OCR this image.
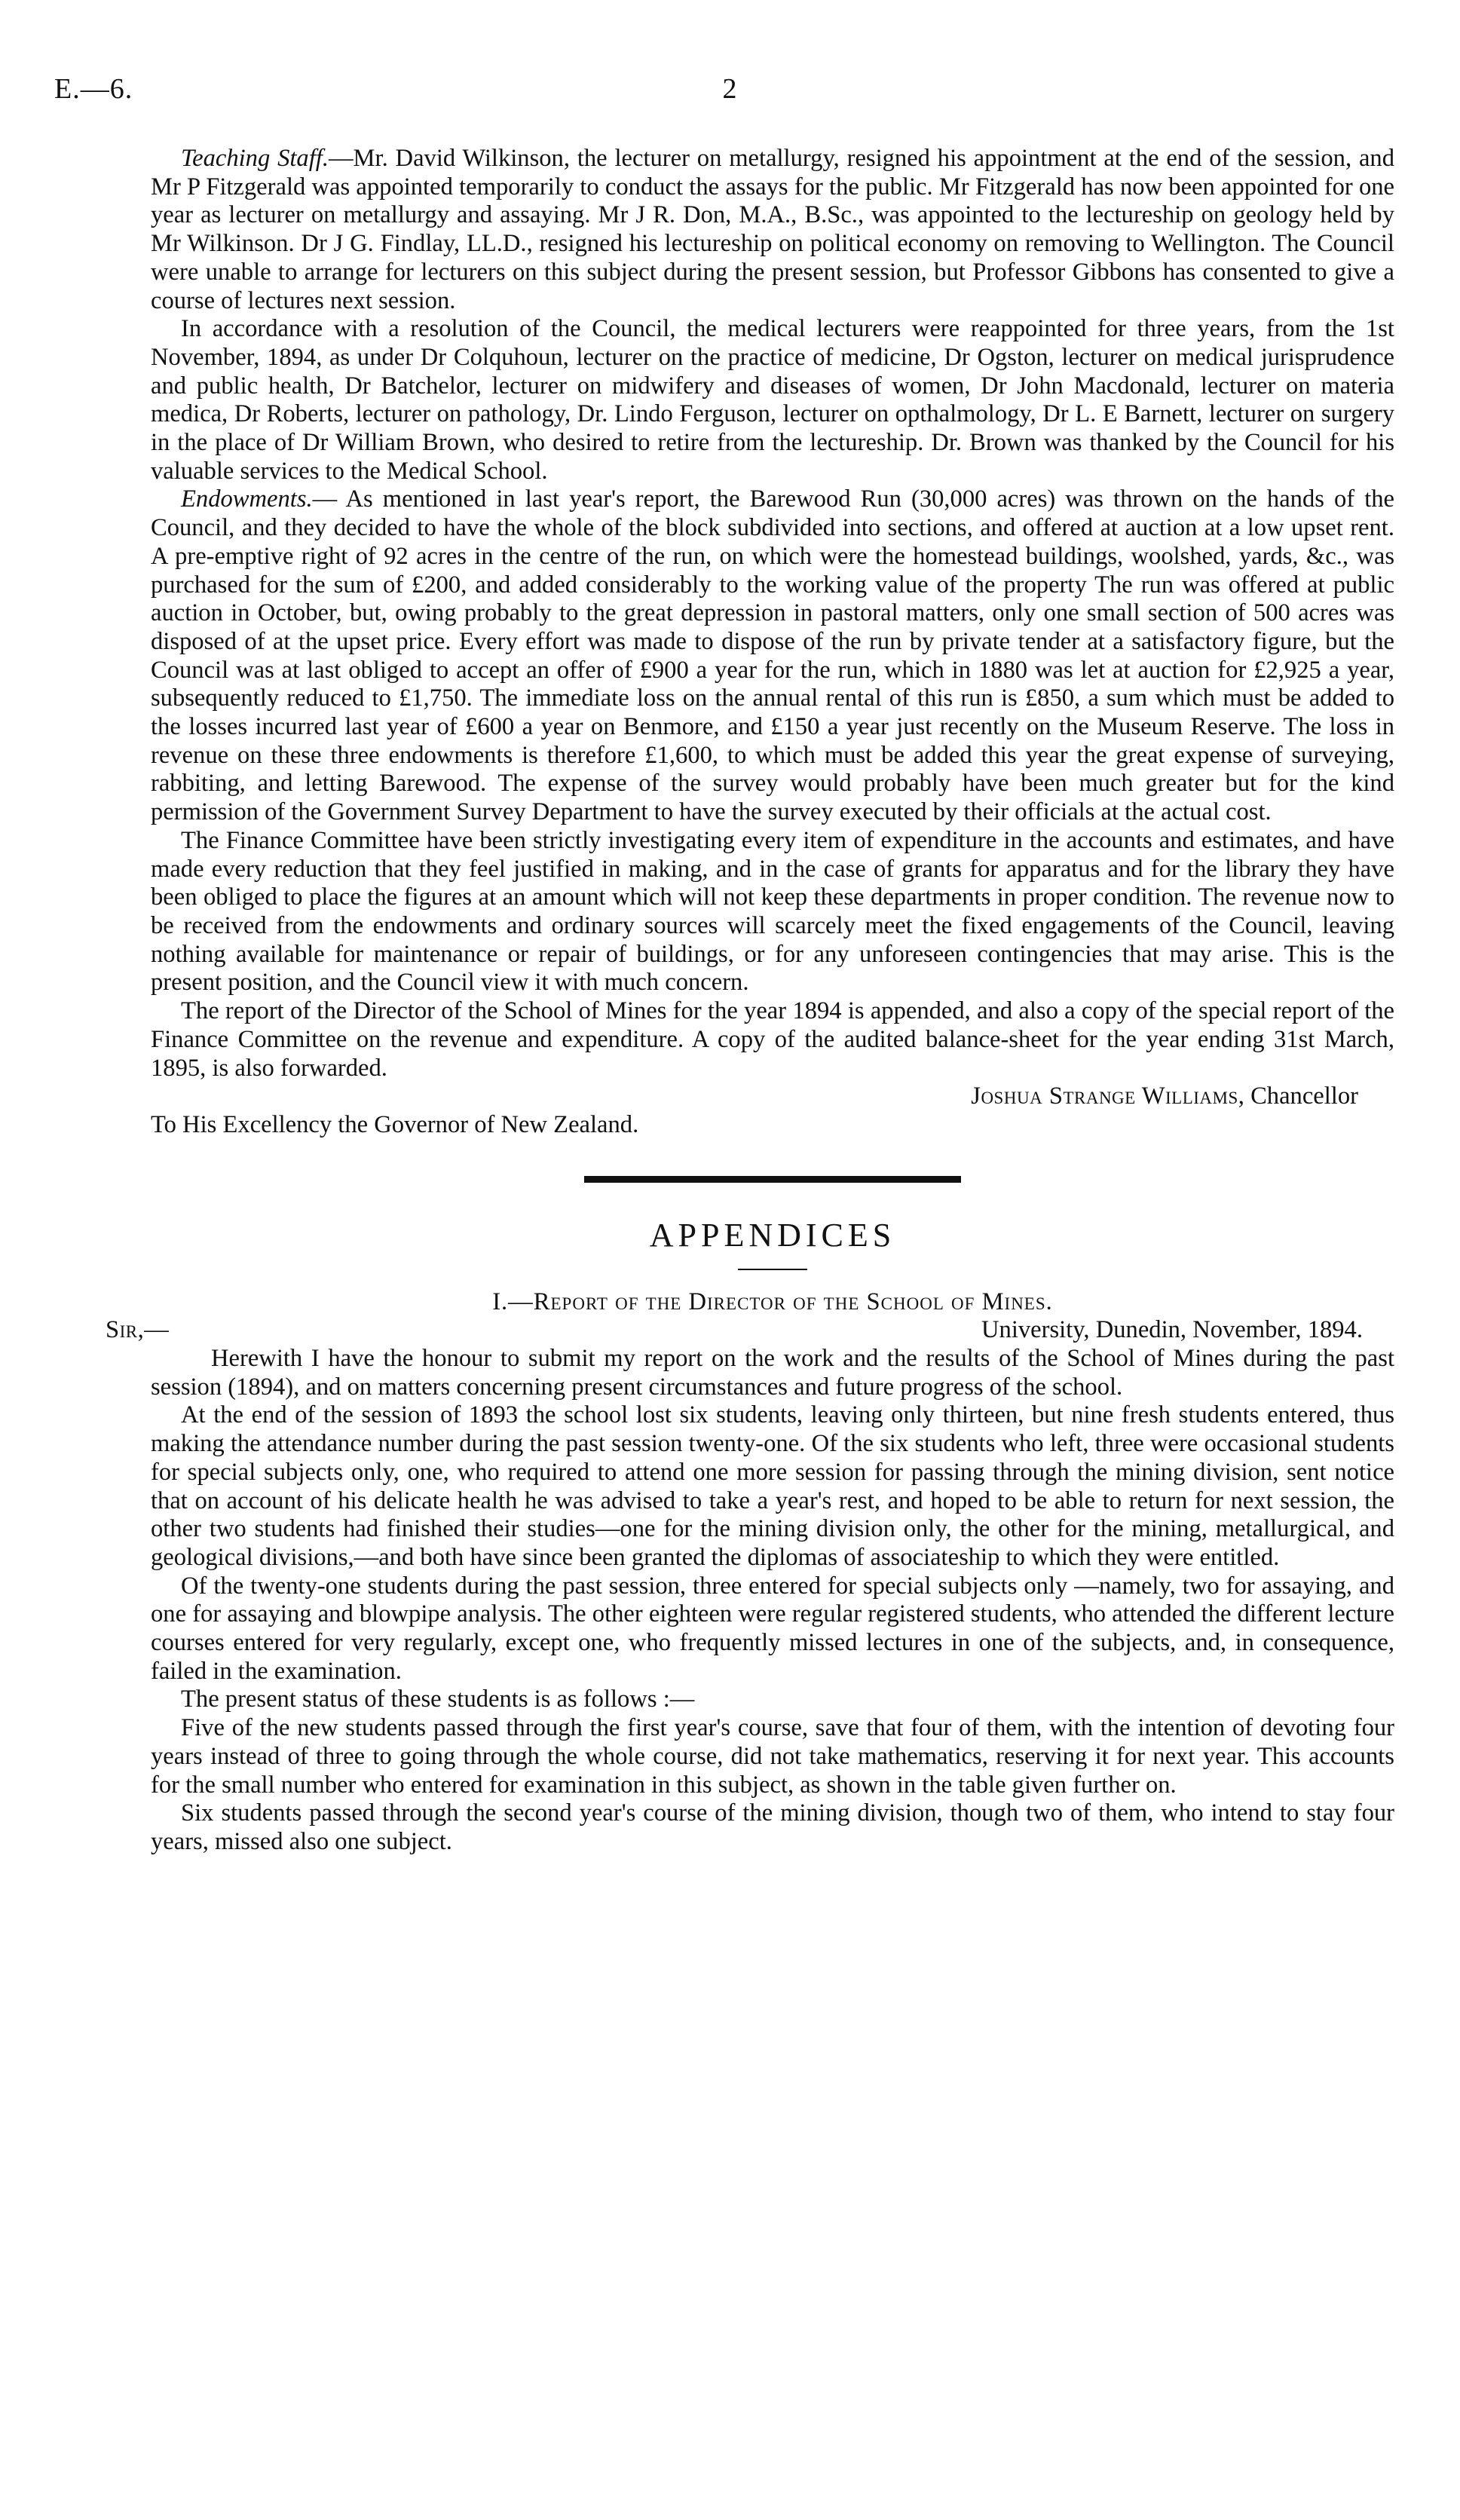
E.—6.	2

Teaching Staff.—Mr. David Wilkinson, the lecturer on metallurgy, resigned his appointment at the end of the session, and Mr P Fitzgerald was appointed temporarily to conduct the assays for the public. Mr Fitzgerald has now been appointed for one year as lecturer on metallurgy and assaying. Mr J R. Don, M.A., B.Sc., was appointed to the lectureship on geology held by Mr Wilkinson. Dr J G. Findlay, LL.D., resigned his lectureship on political economy on removing to Wellington. The Council were unable to arrange for lecturers on this subject during the present session, but Professor Gibbons has consented to give a course of lectures next session.

In accordance with a resolution of the Council, the medical lecturers were reappointed for three years, from the 1st November, 1894, as under Dr Colquhoun, lecturer on the practice of medicine, Dr Ogston, lecturer on medical jurisprudence and public health, Dr Batchelor, lecturer on midwifery and diseases of women, Dr John Macdonald, lecturer on materia medica, Dr Roberts, lecturer on pathology, Dr. Lindo Ferguson, lecturer on opthalmology, Dr L. E Barnett, lecturer on surgery in the place of Dr William Brown, who desired to retire from the lectureship. Dr. Brown was thanked by the Council for his valuable services to the Medical School.

Endowments.— As mentioned in last year's report, the Barewood Run (30,000 acres) was thrown on the hands of the Council, and they decided to have the whole of the block subdivided into sections, and offered at auction at a low upset rent. A pre-emptive right of 92 acres in the centre of the run, on which were the homestead buildings, woolshed, yards, &c., was purchased for the sum of £200, and added considerably to the working value of the property The run was offered at public auction in October, but, owing probably to the great depression in pastoral matters, only one small section of 500 acres was disposed of at the upset price. Every effort was made to dispose of the run by private tender at a satisfactory figure, but the Council was at last obliged to accept an offer of £900 a year for the run, which in 1880 was let at auction for £2,925 a year, subsequently reduced to £1,750. The immediate loss on the annual rental of this run is £850, a sum which must be added to the losses incurred last year of £600 a year on Benmore, and £150 a year just recently on the Museum Reserve. The loss in revenue on these three endowments is therefore £1,600, to which must be added this year the great expense of surveying, rabbiting, and letting Barewood. The expense of the survey would probably have been much greater but for the kind permission of the Government Survey Department to have the survey executed by their officials at the actual cost.

The Finance Committee have been strictly investigating every item of expenditure in the accounts and estimates, and have made every reduction that they feel justified in making, and in the case of grants for apparatus and for the library they have been obliged to place the figures at an amount which will not keep these departments in proper condition. The revenue now to be received from the endowments and ordinary sources will scarcely meet the fixed engagements of the Council, leaving nothing available for maintenance or repair of buildings, or for any unforeseen contingencies that may arise. This is the present position, and the Council view it with much concern.

The report of the Director of the School of Mines for the year 1894 is appended, and also a copy of the special report of the Finance Committee on the revenue and expenditure. A copy of the audited balance-sheet for the year ending 31st March, 1895, is also forwarded.

Joshua Strange Williams, Chancellor

To His Excellency the Governor of New Zealand.

APPENDICES
I.—Report of the Director of the School of Mines.
Sir,—	University, Dunedin, November, 1894.

Herewith I have the honour to submit my report on the work and the results of the School of Mines during the past session (1894), and on matters concerning present circumstances and future progress of the school.

At the end of the session of 1893 the school lost six students, leaving only thirteen, but nine fresh students entered, thus making the attendance number during the past session twenty-one. Of the six students who left, three were occasional students for special subjects only, one, who required to attend one more session for passing through the mining division, sent notice that on account of his delicate health he was advised to take a year's rest, and hoped to be able to return for next session, the other two students had finished their studies—one for the mining division only, the other for the mining, metallurgical, and geological divisions,—and both have since been granted the diplomas of associateship to which they were entitled.

Of the twenty-one students during the past session, three entered for special subjects only —namely, two for assaying, and one for assaying and blowpipe analysis. The other eighteen were regular registered students, who attended the different lecture courses entered for very regularly, except one, who frequently missed lectures in one of the subjects, and, in consequence, failed in the examination.

The present status of these students is as follows :—

Five of the new students passed through the first year's course, save that four of them, with the intention of devoting four years instead of three to going through the whole course, did not take mathematics, reserving it for next year. This accounts for the small number who entered for examination in this subject, as shown in the table given further on.

Six students passed through the second year's course of the mining division, though two of them, who intend to stay four years, missed also one subject.
